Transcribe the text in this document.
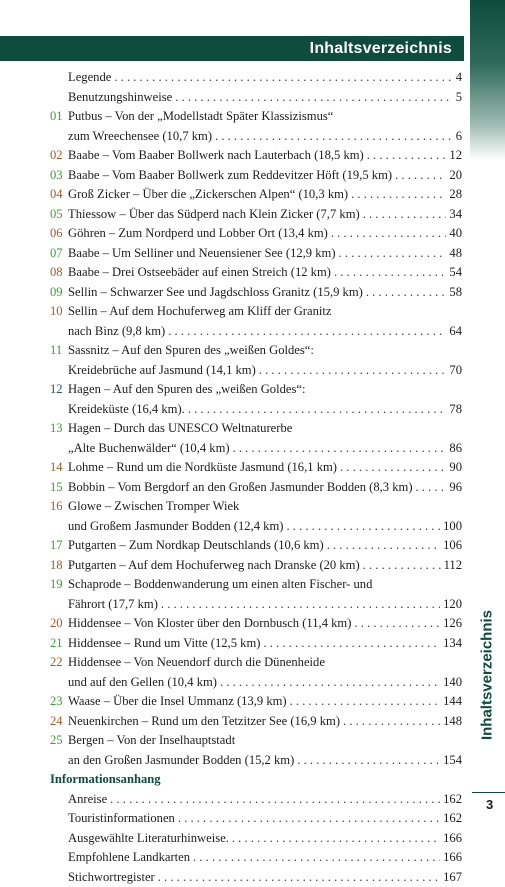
Inhaltsverzeichnis
Legende . . .	4
Benutzungshinweise . . .	5
01 Putbus – Von der „Modellstadt Später Klassizismus“
zum Wreechensee (10,7 km) . . .	6
02 Baabe – Vom Baaber Bollwerk nach Lauterbach (18,5 km) . . .	12
03 Baabe – Vom Baaber Bollwerk zum Reddevitzer Höft (19,5 km) . . .	20
04 Groß Zicker – Über die „Zickerschen Alpen“ (10,3 km) . . .	28
05 Thiessow – Über das Südperd nach Klein Zicker (7,7 km) . . .	34
06 Göhren – Zum Nordperd und Lobber Ort (13,4 km) . . .	40
07 Baabe – Um Selliner und Neuensiener See (12,9 km) . . .	48
08 Baabe – Drei Ostseebäder auf einen Streich (12 km) . . .	54
09 Sellin – Schwarzer See und Jagdschloss Granitz (15,9 km) . . .	58
10 Sellin – Auf dem Hochuferweg am Kliff der Granitz
nach Binz (9,8 km) . . .	64
11 Sassnitz – Auf den Spuren des „weißen Goldes“:
Kreidebrüche auf Jasmund (14,1 km) . . .	70
12 Hagen – Auf den Spuren des „weißen Goldes“:
Kreideküste (16,4 km). . . .	78
13 Hagen – Durch das UNESCO Weltnaturerbe
„Alte Buchenwälder“ (10,4 km) . . .	86
14 Lohme – Rund um die Nordküste Jasmund (16,1 km) . . .	90
15 Bobbin – Vom Bergdorf an den Großen Jasmunder Bodden (8,3 km) . . .	96
16 Glowe – Zwischen Tromper Wiek
und Großem Jasmunder Bodden (12,4 km) . . .	100
17 Putgarten – Zum Nordkap Deutschlands (10,6 km) . . .	106
18 Putgarten – Auf dem Hochuferweg nach Dranske (20 km) . . .	112
19 Schaprode – Boddenwanderung um einen alten Fischer- und
Fährort (17,7 km) . . .	120
20 Hiddensee – Von Kloster über den Dornbusch (11,4 km) . . .	126
21 Hiddensee – Rund um Vitte (12,5 km) . . .	134
22 Hiddensee – Von Neuendorf durch die Dünenheide
und auf den Gellen (10,4 km) . . .	140
23 Waase – Über die Insel Ummanz (13,9 km) . . .	144
24 Neuenkirchen – Rund um den Tetzitzer See (16,9 km) . . .	148
25 Bergen – Von der Inselhauptstadt
an den Großen Jasmunder Bodden (15,2 km) . . .	154
Informationsanhang
Anreise . . .	162
Touristinformationen . . .	162
Ausgewählte Literaturhinweise. . . .	166
Empfohlene Landkarten . . .	166
Stichwortregister . . .	167
Inhaltsverzeichnis
3
